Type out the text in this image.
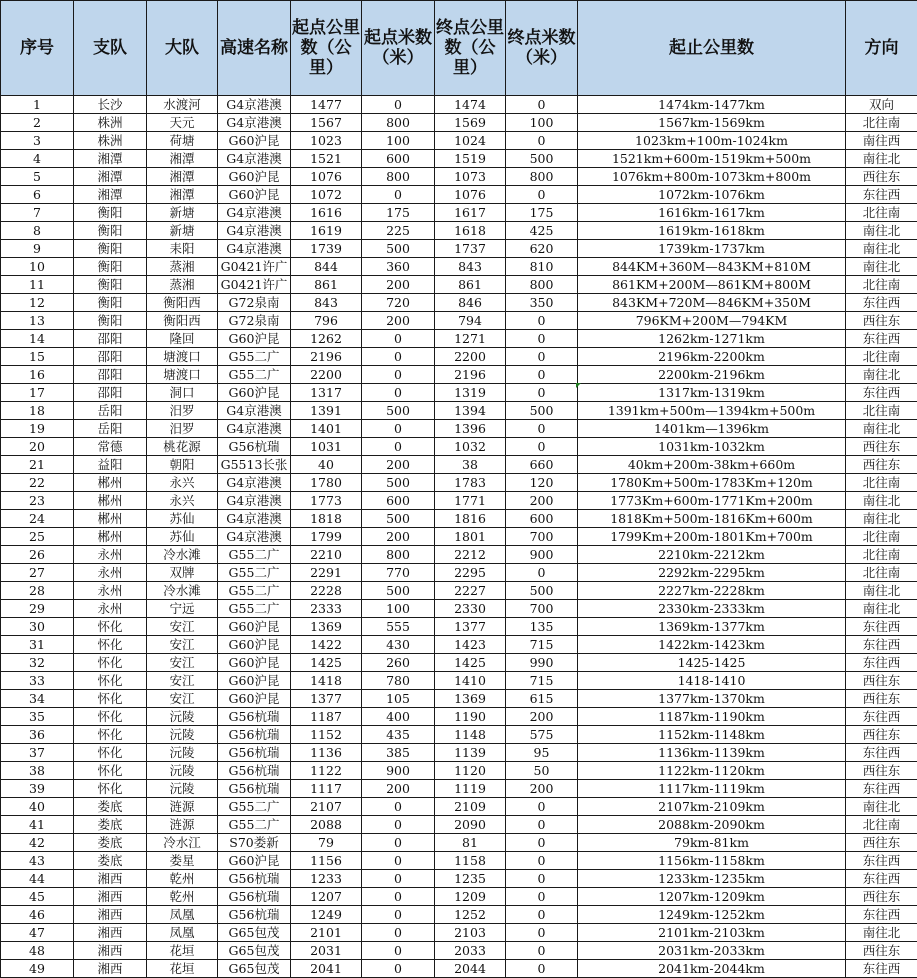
序号	支队	大队	高速名称	起点公里数（公里）	起点米数（米）	终点公里数（公里）	终点米数（米）	起止公里数	方向
1	长沙	水渡河	G4京港澳	1477	0	1474	0	1474km-1477km	双向
2	株洲	天元	G4京港澳	1567	800	1569	100	1567km-1569km	北往南
3	株洲	荷塘	G60沪昆	1023	100	1024	0	1023km+100m-1024km	南往西
4	湘潭	湘潭	G4京港澳	1521	600	1519	500	1521km+600m-1519km+500m	南往北
5	湘潭	湘潭	G60沪昆	1076	800	1073	800	1076km+800m-1073km+800m	西往东
6	湘潭	湘潭	G60沪昆	1072	0	1076	0	1072km-1076km	东往西
7	衡阳	新塘	G4京港澳	1616	175	1617	175	1616km-1617km	北往南
8	衡阳	新塘	G4京港澳	1619	225	1618	425	1619km-1618km	南往北
9	衡阳	耒阳	G4京港澳	1739	500	1737	620	1739km-1737km	南往北
10	衡阳	蒸湘	G0421许广	844	360	843	810	844KM+360M—843KM+810M	南往北
11	衡阳	蒸湘	G0421许广	861	200	861	800	861KM+200M—861KM+800M	北往南
12	衡阳	衡阳西	G72泉南	843	720	846	350	843KM+720M—846KM+350M	东往西
13	衡阳	衡阳西	G72泉南	796	200	794	0	796KM+200M—794KM	西往东
14	邵阳	隆回	G60沪昆	1262	0	1271	0	1262km-1271km	东往西
15	邵阳	塘渡口	G55二广	2196	0	2200	0	2196km-2200km	北往南
16	邵阳	塘渡口	G55二广	2200	0	2196	0	2200km-2196km	南往北
17	邵阳	洞口	G60沪昆	1317	0	1319	0	1317km-1319km	东往西
18	岳阳	汨罗	G4京港澳	1391	500	1394	500	1391km+500m—1394km+500m	北往南
19	岳阳	汨罗	G4京港澳	1401	0	1396	0	1401km—1396km	南往北
20	常德	桃花源	G56杭瑞	1031	0	1032	0	1031km-1032km	西往东
21	益阳	朝阳	G5513长张	40	200	38	660	40km+200m-38km+660m	西往东
22	郴州	永兴	G4京港澳	1780	500	1783	120	1780Km+500m-1783Km+120m	北往南
23	郴州	永兴	G4京港澳	1773	600	1771	200	1773Km+600m-1771Km+200m	南往北
24	郴州	苏仙	G4京港澳	1818	500	1816	600	1818Km+500m-1816Km+600m	南往北
25	郴州	苏仙	G4京港澳	1799	200	1801	700	1799Km+200m-1801Km+700m	北往南
26	永州	冷水滩	G55二广	2210	800	2212	900	2210km-2212km	北往南
27	永州	双牌	G55二广	2291	770	2295	0	2292km-2295km	北往南
28	永州	冷水滩	G55二广	2228	500	2227	500	2227km-2228km	南往北
29	永州	宁远	G55二广	2333	100	2330	700	2330km-2333km	南往北
30	怀化	安江	G60沪昆	1369	555	1377	135	1369km-1377km	东往西
31	怀化	安江	G60沪昆	1422	430	1423	715	1422km-1423km	东往西
32	怀化	安江	G60沪昆	1425	260	1425	990	1425-1425	东往西
33	怀化	安江	G60沪昆	1418	780	1410	715	1418-1410	西往东
34	怀化	安江	G60沪昆	1377	105	1369	615	1377km-1370km	西往东
35	怀化	沅陵	G56杭瑞	1187	400	1190	200	1187km-1190km	东往西
36	怀化	沅陵	G56杭瑞	1152	435	1148	575	1152km-1148km	西往东
37	怀化	沅陵	G56杭瑞	1136	385	1139	95	1136km-1139km	东往西
38	怀化	沅陵	G56杭瑞	1122	900	1120	50	1122km-1120km	西往东
39	怀化	沅陵	G56杭瑞	1117	200	1119	200	1117km-1119km	东往西
40	娄底	涟源	G55二广	2107	0	2109	0	2107km-2109km	南往北
41	娄底	涟源	G55二广	2088	0	2090	0	2088km-2090km	北往南
42	娄底	冷水江	S70娄新	79	0	81	0	79km-81km	西往东
43	娄底	娄星	G60沪昆	1156	0	1158	0	1156km-1158km	东往西
44	湘西	乾州	G56杭瑞	1233	0	1235	0	1233km-1235km	东往西
45	湘西	乾州	G56杭瑞	1207	0	1209	0	1207km-1209km	西往东
46	湘西	凤凰	G56杭瑞	1249	0	1252	0	1249km-1252km	东往西
47	湘西	凤凰	G65包茂	2101	0	2103	0	2101km-2103km	南往北
48	湘西	花垣	G65包茂	2031	0	2033	0	2031km-2033km	西往东
49	湘西	花垣	G65包茂	2041	0	2044	0	2041km-2044km	东往西
